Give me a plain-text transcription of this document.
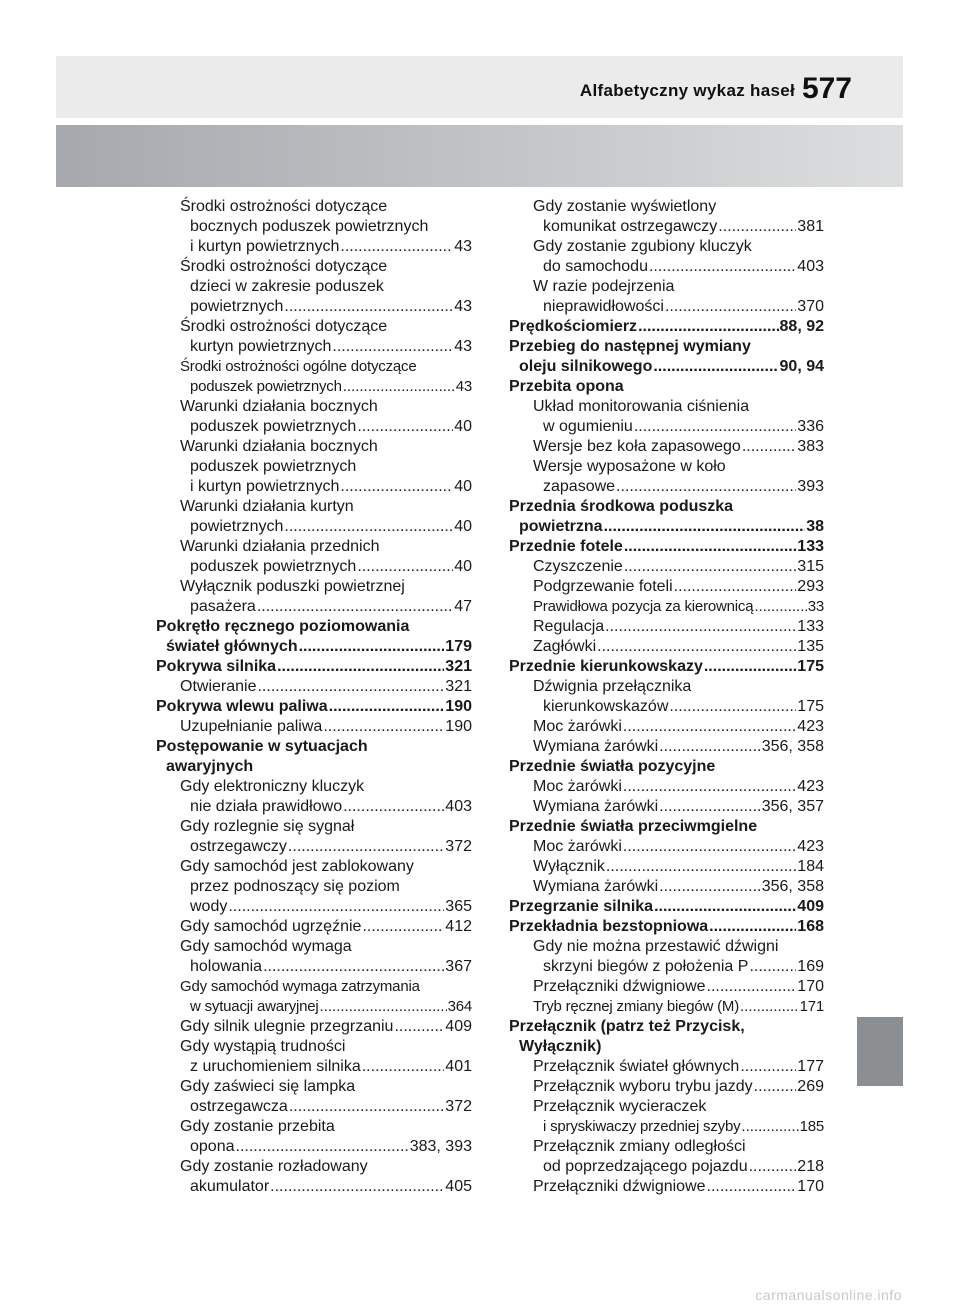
Alfabetyczny wykaz haseł 577
Środki ostrożności dotyczące
bocznych poduszek powietrznych
i kurtyn powietrznych .....	43
Środki ostrożności dotyczące
dzieci w zakresie poduszek
powietrznych .....	43
Środki ostrożności dotyczące
kurtyn powietrznych .....	43
Środki ostrożności ogólne dotyczące
poduszek powietrznych .....	43
Warunki działania bocznych
poduszek powietrznych .....	40
Warunki działania bocznych
poduszek powietrznych
i kurtyn powietrznych .....	40
Warunki działania kurtyn
powietrznych .....	40
Warunki działania przednich
poduszek powietrznych .....	40
Wyłącznik poduszki powietrznej
pasażera .....	47
Pokrętło ręcznego poziomowania
świateł głównych .....	179
Pokrywa silnika .....	321
Otwieranie .....	321
Pokrywa wlewu paliwa .....	190
Uzupełnianie paliwa .....	190
Postępowanie w sytuacjach
awaryjnych
Gdy elektroniczny kluczyk
nie działa prawidłowo .....	403
Gdy rozlegnie się sygnał
ostrzegawczy .....	372
Gdy samochód jest zablokowany
przez podnoszący się poziom
wody .....	365
Gdy samochód ugrzęźnie .....	412
Gdy samochód wymaga
holowania .....	367
Gdy samochód wymaga zatrzymania
w sytuacji awaryjnej .....	364
Gdy silnik ulegnie przegrzaniu .....	409
Gdy wystąpią trudności
z uruchomieniem silnika .....	401
Gdy zaświeci się lampka
ostrzegawcza .....	372
Gdy zostanie przebita
opona .....	383, 393
Gdy zostanie rozładowany
akumulator .....	405
Gdy zostanie wyświetlony
komunikat ostrzegawczy .....	381
Gdy zostanie zgubiony kluczyk
do samochodu .....	403
W razie podejrzenia
nieprawidłowości .....	370
Prędkościomierz .....	88, 92
Przebieg do następnej wymiany
oleju silnikowego .....	90, 94
Przebita opona
Układ monitorowania ciśnienia
w ogumieniu .....	336
Wersje bez koła zapasowego .....	383
Wersje wyposażone w koło
zapasowe .....	393
Przednia środkowa poduszka
powietrzna .....	38
Przednie fotele .....	133
Czyszczenie .....	315
Podgrzewanie foteli .....	293
Prawidłowa pozycja za kierownicą .....	33
Regulacja .....	133
Zagłówki .....	135
Przednie kierunkowskazy .....	175
Dźwignia przełącznika
kierunkowskazów .....	175
Moc żarówki .....	423
Wymiana żarówki .....	356, 358
Przednie światła pozycyjne
Moc żarówki .....	423
Wymiana żarówki .....	356, 357
Przednie światła przeciwmgielne
Moc żarówki .....	423
Wyłącznik .....	184
Wymiana żarówki .....	356, 358
Przegrzanie silnika .....	409
Przekładnia bezstopniowa .....	168
Gdy nie można przestawić dźwigni
skrzyni biegów z położenia P .....	169
Przełączniki dźwigniowe .....	170
Tryb ręcznej zmiany biegów (M) .....	171
Przełącznik (patrz też Przycisk,
Wyłącznik)
Przełącznik świateł głównych .....	177
Przełącznik wyboru trybu jazdy .....	269
Przełącznik wycieraczek
i spryskiwaczy przedniej szyby .....	185
Przełącznik zmiany odległości
od poprzedzającego pojazdu .....	218
Przełączniki dźwigniowe .....	170
carmanualsonline.info
